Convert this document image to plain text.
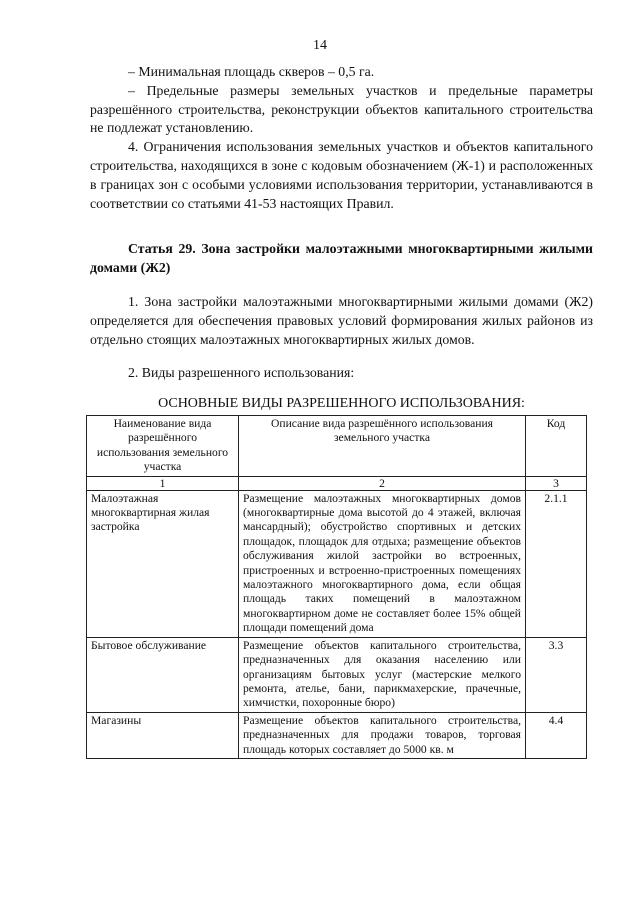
14

– Минимальная площадь скверов – 0,5 га.

– Предельные размеры земельных участков и предельные параметры разрешённого строительства, реконструкции объектов капитального строительства не подлежат установлению.

4. Ограничения использования земельных участков и объектов капитального строительства, находящихся в зоне с кодовым обозначением (Ж-1) и расположенных в границах зон с особыми условиями использования территории, устанавливаются в соответствии со статьями 41-53 настоящих Правил.

Статья 29. Зона застройки малоэтажными многоквартирными жилыми домами (Ж2)

1. Зона застройки малоэтажными многоквартирными жилыми домами (Ж2) определяется для обеспечения правовых условий формирования жилых районов из отдельно стоящих малоэтажных многоквартирных жилых домов.

2. Виды разрешенного использования:

ОСНОВНЫЕ ВИДЫ РАЗРЕШЕННОГО ИСПОЛЬЗОВАНИЯ:
Наименование вида разрешённого использования земельного участка	Описание вида разрешённого использования земельного участка	Код
1	2	3
Малоэтажная многоквартирная жилая застройка	Размещение малоэтажных многоквартирных домов (многоквартирные дома высотой до 4 этажей, включая мансардный); обустройство спортивных и детских площадок, площадок для отдыха; размещение объектов обслуживания жилой застройки во встроенных, пристроенных и встроенно-пристроенных помещениях малоэтажного многоквартирного дома, если общая площадь таких помещений в малоэтажном многоквартирном доме не составляет более 15% общей площади помещений дома	2.1.1
Бытовое обслуживание	Размещение объектов капитального строительства, предназначенных для оказания населению или организациям бытовых услуг (мастерские мелкого ремонта, ателье, бани, парикмахерские, прачечные, химчистки, похоронные бюро)	3.3
Магазины	Размещение объектов капитального строительства, предназначенных для продажи товаров, торговая площадь которых составляет до 5000 кв. м	4.4
